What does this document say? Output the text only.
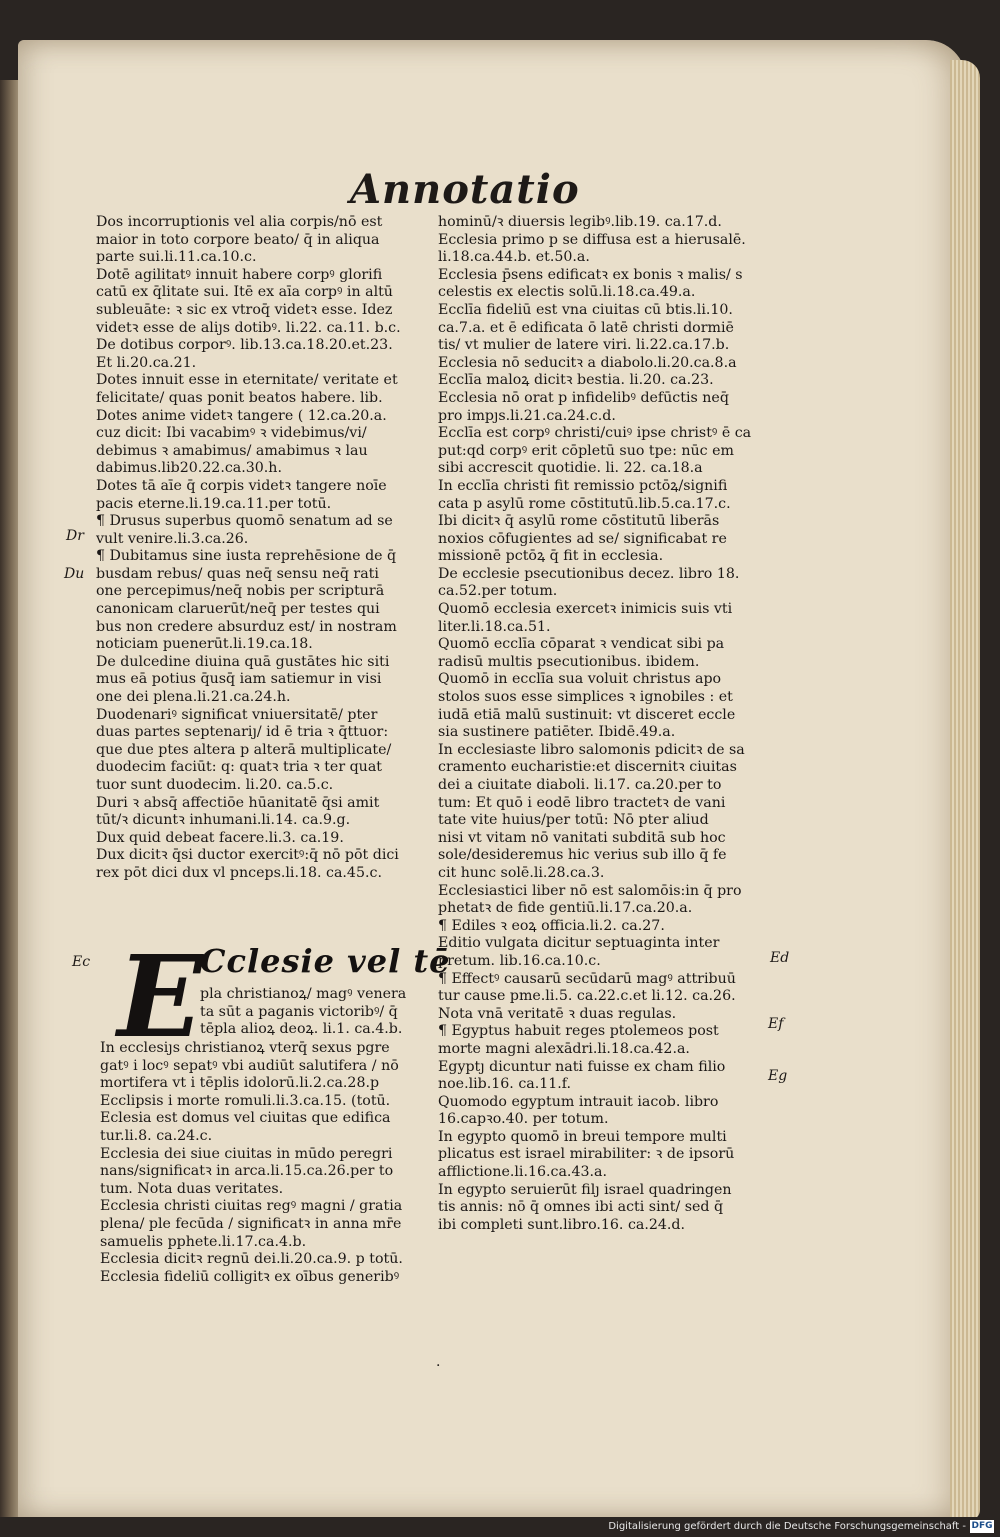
Annotatio
Dos incorruptionis vel alia corpis/nō est
maior in toto corpore beato/ q̄ in aliqua
parte sui.li.11.ca.10.c.
Dotē agilitatꝰ innuit habere corpꝰ glorifi
catū ex q̄litate sui. Itē ex aīa corpꝰ in altū
subleuāte: ꝛ sic ex vtroq̄ videtꝛ esse. Idez
videtꝛ esse de aliȷs dotibꝰ. li.22. ca.11. b.c.
De dotibus corporꝰ. lib.13.ca.18.20.et.23.
Et li.20.ca.21.
Dotes innuit esse in eternitate/ veritate et
felicitate/ quas ponit beatos habere. lib.
Dotes anime videtꝛ tangere ( 12.ca.20.a.
cuz dicit: Ibi vacabimꝰ ꝛ videbimus/vi/
debimus ꝛ amabimus/ amabimus ꝛ lau
dabimus.lib20.22.ca.30.h.
Dotes tā aīe q̄ corpis videtꝛ tangere noīe
pacis eterne.li.19.ca.11.per totū.
¶ Drusus superbus quomō senatum ad se
vult venire.li.3.ca.26.
¶ Dubitamus sine iusta reprehēsione de q̄
busdam rebus/ quas neq̄ sensu neq̄ rati
one percepimus/neq̄ nobis per scripturā
canonicam claruerūt/neq̄ per testes qui
bus non credere absurduz est/ in nostram
noticiam puenerūt.li.19.ca.18.
De dulcedine diuina quā gustātes hic siti
mus eā potius q̄usq̄ iam satiemur in visi
one dei plena.li.21.ca.24.h.
Duodenariꝰ significat vniuersitatē/ pter
duas partes septenariȷ/ id ē tria ꝛ q̄ttuor:
que due ptes altera p alterā multiplicate/
duodecim faciūt: q: quatꝛ tria ꝛ ter quat
tuor sunt duodecim. li.20. ca.5.c.
Duri ꝛ absq̄ affectiōe hūanitatē q̄si amit
tūt/ꝛ dicuntꝛ inhumani.li.14. ca.9.g.
Dux quid debeat facere.li.3. ca.19.
Dux dicitꝛ q̄si ductor exercitꝰ:q̄ nō pōt dici
rex pōt dici dux vl pnceps.li.18. ca.45.c.
hominū/ꝛ diuersis legibꝰ.lib.19. ca.17.d.
Ecclesia primo p se diffusa est a hierusalē.
li.18.ca.44.b. et.50.a.
Ecclesia p̄sens edificatꝛ ex bonis ꝛ malis/ s
celestis ex electis solū.li.18.ca.49.a.
Ecclīa fideliū est vna ciuitas cū btis.li.10.
ca.7.a. et ē edificata ō latē christi dormiē
tis/ vt mulier de latere viri. li.22.ca.17.b.
Ecclesia nō seducitꝛ a diabolo.li.20.ca.8.a
Ecclīa maloꝝ dicitꝛ bestia. li.20. ca.23.
Ecclesia nō orat p infidelibꝰ defūctis neq̄
pro impȷs.li.21.ca.24.c.d.
Ecclīa est corpꝰ christi/cuiꝰ ipse christꝰ ē ca
put:qd corpꝰ erit cōpletū suo tpe: nūc em
sibi accrescit quotidie. li. 22. ca.18.a
In ecclīa christi fit remissio pctōꝝ/signifi
cata p asylū rome cōstitutū.lib.5.ca.17.c.
Ibi dicitꝛ q̄ asylū rome cōstitutū liberās
noxios cōfugientes ad se/ significabat re
missionē pctōꝝ q̄ fit in ecclesia.
De ecclesie psecutionibus decez. libro 18.
ca.52.per totum.
Quomō ecclesia exercetꝛ inimicis suis vti
liter.li.18.ca.51.
Quomō ecclīa cōparat ꝛ vendicat sibi pa
radisū multis psecutionibus. ibidem.
Quomō in ecclīa sua voluit christus apo
stolos suos esse simplices ꝛ ignobiles : et
iudā etiā malū sustinuit: vt disceret eccle
sia sustinere patiēter. Ibidē.49.a.
In ecclesiaste libro salomonis pdicitꝛ de sa
cramento eucharistie:et discernitꝛ ciuitas
dei a ciuitate diaboli. li.17. ca.20.per to
tum: Et quō i eodē libro tractetꝛ de vani
tate vite huius/per totū: Nō pter aliud
nisi vt vitam nō vanitati subditā sub hoc
sole/desideremus hic verius sub illo q̄ fe
cit hunc solē.li.28.ca.3.
Ecclesiastici liber nō est salomōis:in q̄ pro
phetatꝛ de fide gentiū.li.17.ca.20.a.
¶ Ediles ꝛ eoꝝ officia.li.2. ca.27.
Editio vulgata dicitur septuaginta inter
pretum. lib.16.ca.10.c.
¶ Effectꝰ causarū secūdarū magꝰ attribuū
tur cause pme.li.5. ca.22.c.et li.12. ca.26.
Nota vnā veritatē ꝛ duas regulas.
¶ Egyptus habuit reges ptolemeos post
morte magni alexādri.li.18.ca.42.a.
Egyptȷ dicuntur nati fuisse ex cham filio
noe.lib.16. ca.11.f.
Quomodo egyptum intrauit iacob. libro
16.capꝛo.40. per totum.
In egypto quomō in breui tempore multi
plicatus est israel mirabiliter: ꝛ de ipsorū
afflictione.li.16.ca.43.a.
In egypto seruierūt filȷ israel quadringen
tis annis: nō q̄ omnes ibi acti sint/ sed q̄
ibi completi sunt.libro.16. ca.24.d.
E
Cclesie vel tē
pla christianoꝝ/ magꝰ venera
ta sūt a paganis victoribꝰ/ q̄
tēpla alioꝝ deoꝝ. li.1. ca.4.b.
In ecclesiȷs christianoꝝ vterq̄ sexus pgre
gatꝰ i locꝰ sepatꝰ vbi audiūt salutifera / nō
mortifera vt i tēplis idolorū.li.2.ca.28.p
Ecclipsis i morte romuli.li.3.ca.15. (totū.
Eclesia est domus vel ciuitas que edifica
tur.li.8. ca.24.c.
Ecclesia dei siue ciuitas in mūdo peregri
nans/significatꝛ in arca.li.15.ca.26.per to
tum. Nota duas veritates.
Ecclesia christi ciuitas regꝰ magni / gratia
plena/ ple fecūda / significatꝛ in anna mr̄e
samuelis pphete.li.17.ca.4.b.
Ecclesia dicitꝛ regnū dei.li.20.ca.9. p totū.
Ecclesia fideliū colligitꝛ ex oībus generibꝰ
Dr
Du
Ec	Ed
Ef
Eg
·
Digitalisierung gefördert durch die Deutsche Forschungsgemeinschaft - DFG
